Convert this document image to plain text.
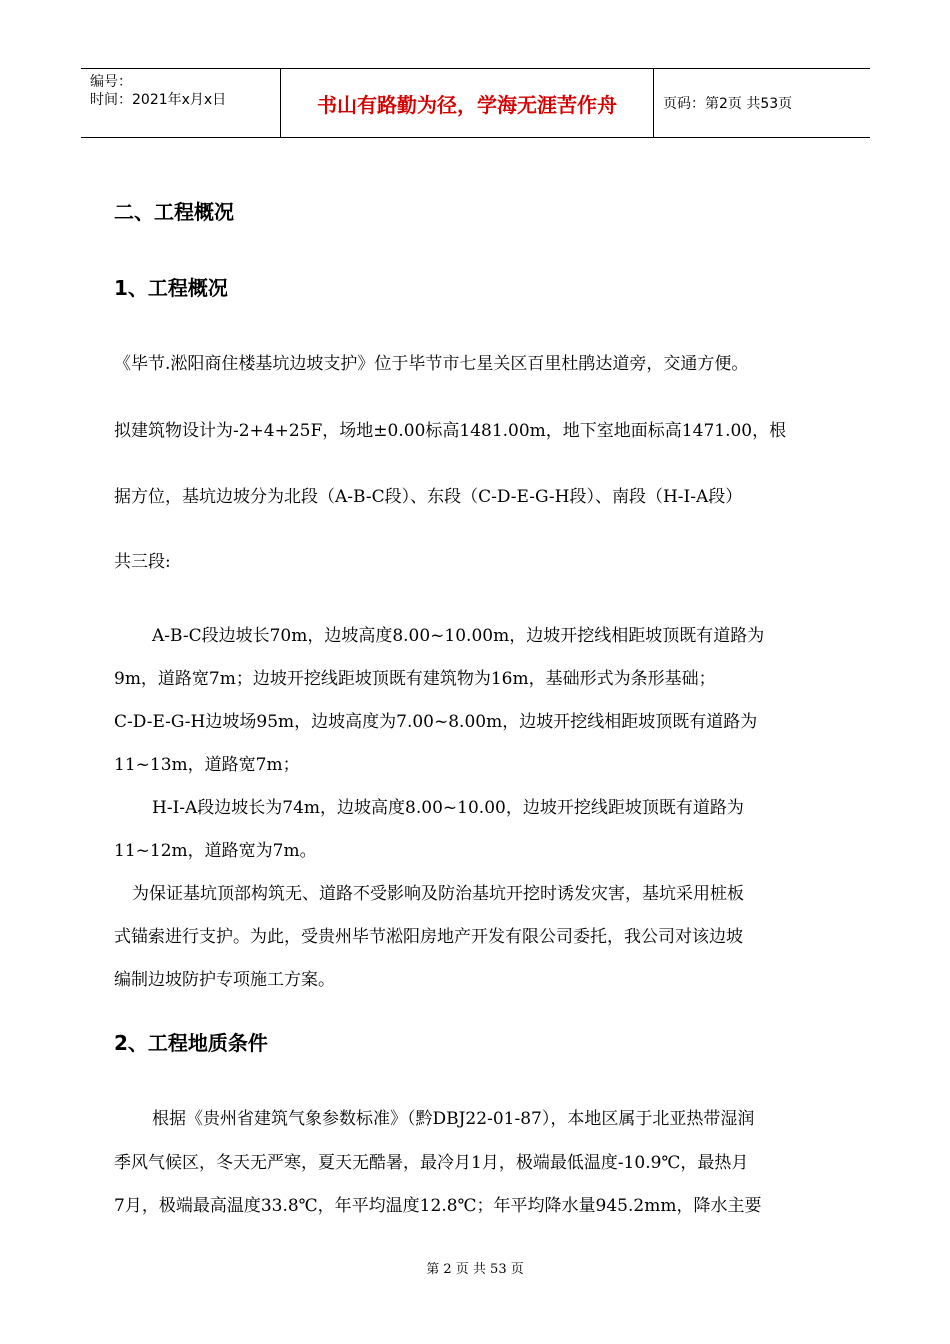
编号：
时间：2021年x月x日	书山有路勤为径，学海无涯苦作舟	页码：第2页 共53页
二、工程概况
1、工程概况
《毕节.淞阳商住楼基坑边坡支护》位于毕节市七星关区百里杜鹃达道旁，交通方便。
拟建筑物设计为-2+4+25F，场地±0.00标高1481.00m，地下室地面标高1471.00，根
据方位，基坑边坡分为北段（A-B-C段）、东段（C-D-E-G-H段）、南段（H-I-A段）
共三段:
A-B-C段边坡长70m，边坡高度8.00~10.00m，边坡开挖线相距坡顶既有道路为
9m，道路宽7m；边坡开挖线距坡顶既有建筑物为16m，基础形式为条形基础；
C-D-E-G-H边坡场95m，边坡高度为7.00~8.00m，边坡开挖线相距坡顶既有道路为
11~13m，道路宽7m；
H-I-A段边坡长为74m，边坡高度8.00~10.00，边坡开挖线距坡顶既有道路为
11~12m，道路宽为7m。
为保证基坑顶部构筑无、道路不受影响及防治基坑开挖时诱发灾害，基坑采用桩板
式锚索进行支护。为此，受贵州毕节淞阳房地产开发有限公司委托，我公司对该边坡
编制边坡防护专项施工方案。
2、工程地质条件
根据《贵州省建筑气象参数标准》（黔DBJ22-01-87），本地区属于北亚热带湿润
季风气候区，冬天无严寒，夏天无酷暑，最冷月1月，极端最低温度-10.9℃，最热月
7月，极端最高温度33.8℃，年平均温度12.8℃；年平均降水量945.2mm，降水主要
第 2 页 共 53 页
